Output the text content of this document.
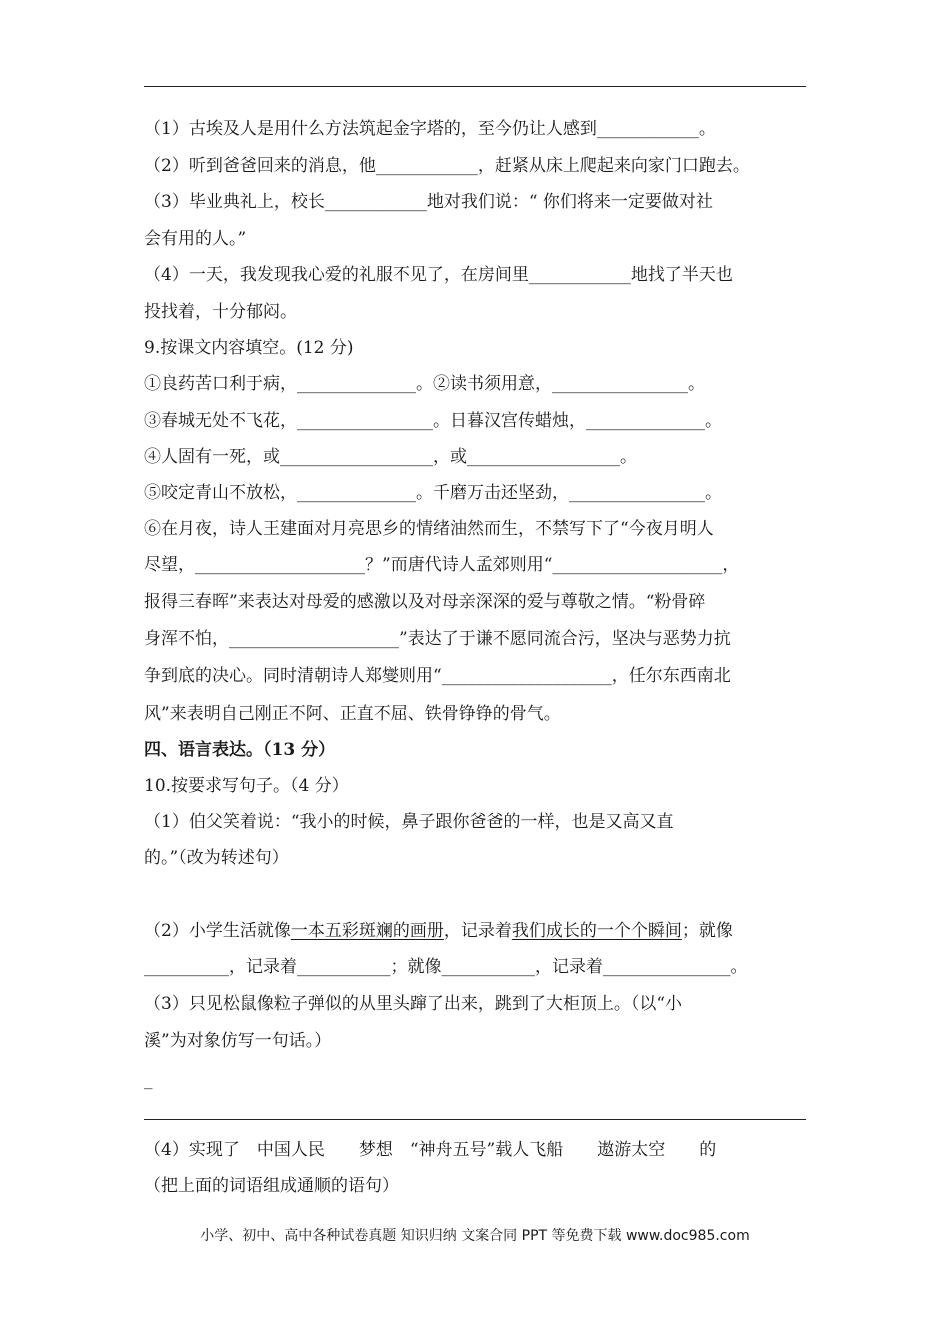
（1）古埃及人是用什么方法筑起金字塔的，至今仍让人感到____________。
（2）听到爸爸回来的消息，他____________，赶紧从床上爬起来向家门口跑去。
（3）毕业典礼上，校长____________地对我们说：“ 你们将来一定要做对社
会有用的人。”
（4）一天，我发现我心爱的礼服不见了，在房间里____________地找了半天也
投找着，十分郁闷。
9.按课文内容填空。(12 分)
①良药苦口利于病，______________。②读书须用意，________________。
③春城无处不飞花，________________。日暮汉宫传蜡烛，______________。
④人固有一死，或__________________，或__________________。
⑤咬定青山不放松，______________。千磨万击还坚劲，________________。
⑥在月夜，诗人王建面对月亮思乡的情绪油然而生，不禁写下了“今夜月明人
尽望，____________________？”而唐代诗人孟郊则用“____________________，
报得三春晖”来表达对母爱的感激以及对母亲深深的爱与尊敬之情。“粉骨碎
身浑不怕，____________________”表达了于谦不愿同流合污，坚决与恶势力抗
争到底的决心。同时清朝诗人郑燮则用“____________________，任尔东西南北
风”来表明自己刚正不阿、正直不屈、铁骨铮铮的骨气。
四、语言表达。（13 分）
10.按要求写句子。（4 分）
（1）伯父笑着说：“我小的时候，鼻子跟你爸爸的一样，也是又高又直
的。”（改为转述句）
（2）小学生活就像一本五彩斑斓的画册，记录着我们成长的一个个瞬间；就像
__________，记录着___________；就像___________，记录着_______________。
（3）只见松鼠像粒子弹似的从里头蹿了出来，跳到了大柜顶上。（以“小
溪”为对象仿写一句话。）
_
（4）实现了　中国人民　　梦想　“神舟五号”载人飞船　　遨游太空　　的
（把上面的词语组成通顺的语句）
小学、初中、高中各种试卷真题 知识归纳 文案合同 PPT 等免费下载 www.doc985.com
